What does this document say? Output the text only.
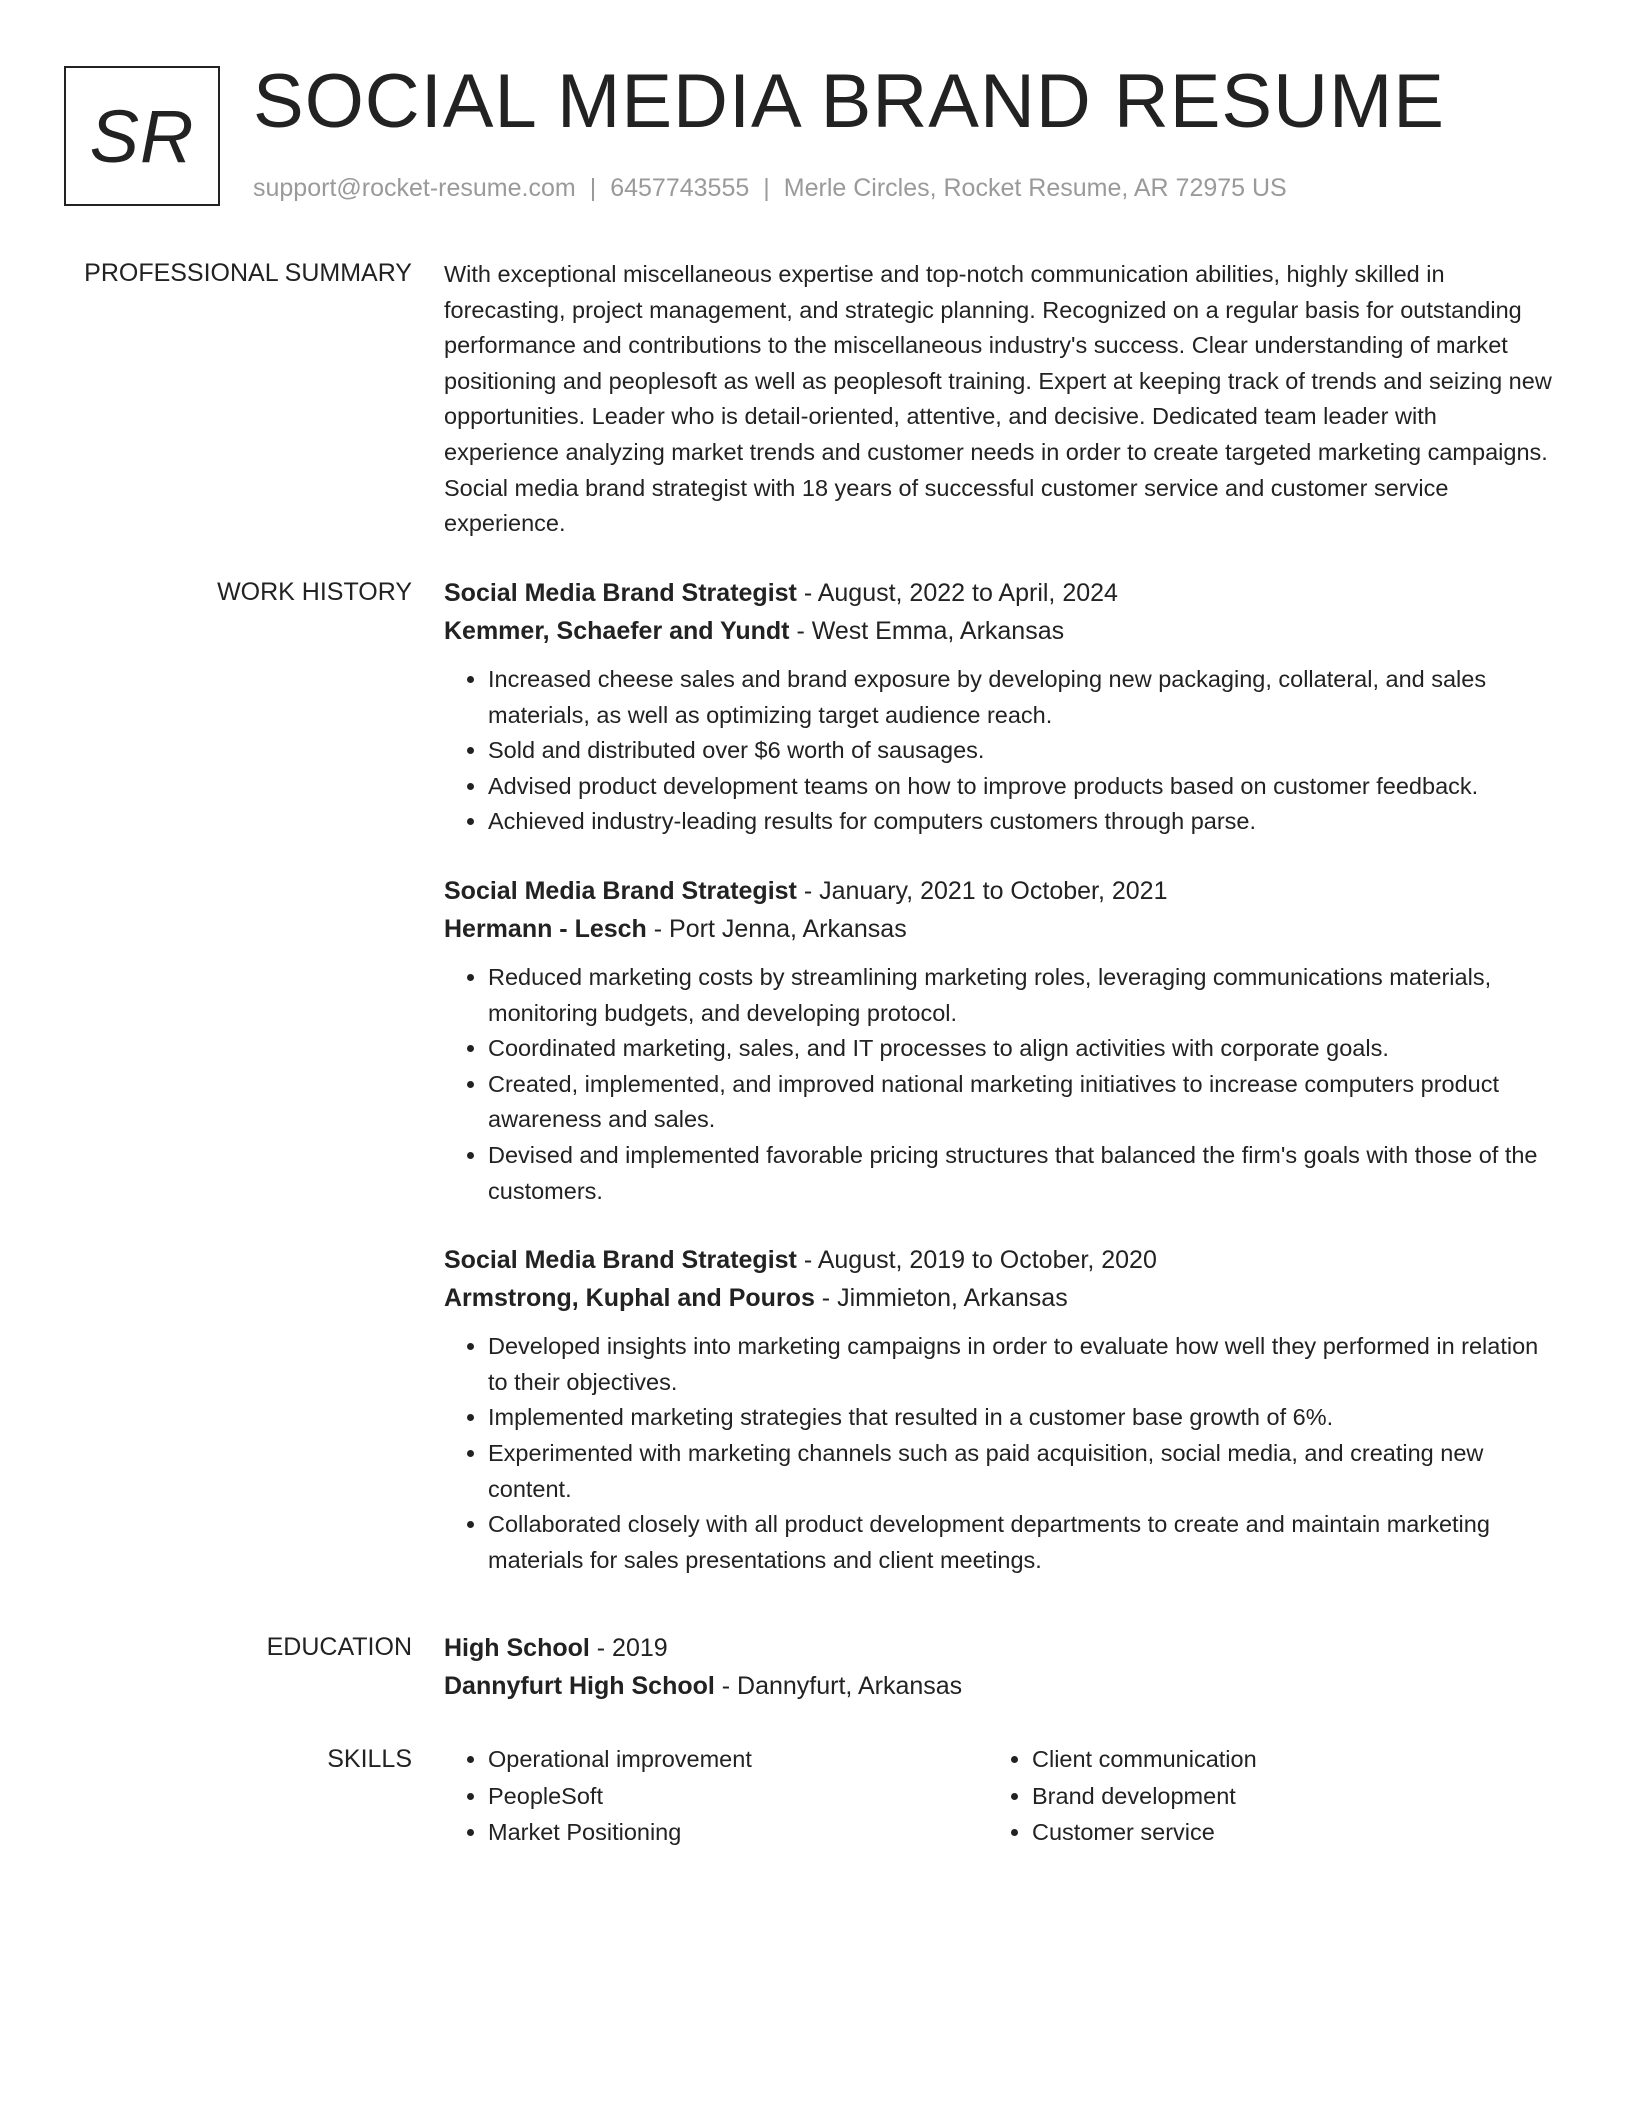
SR SOCIAL MEDIA BRAND RESUME
support@rocket-resume.com | 6457743555 | Merle Circles, Rocket Resume, AR 72975 US
PROFESSIONAL SUMMARY With exceptional miscellaneous expertise and top-notch communication abilities, highly skilled in forecasting, project management, and strategic planning. Recognized on a regular basis for outstanding performance and contributions to the miscellaneous industry's success. Clear understanding of market positioning and peoplesoft as well as peoplesoft training. Expert at keeping track of trends and seizing new opportunities. Leader who is detail-oriented, attentive, and decisive. Dedicated team leader with experience analyzing market trends and customer needs in order to create targeted marketing campaigns. Social media brand strategist with 18 years of successful customer service and customer service experience.
WORK HISTORY Social Media Brand Strategist - August, 2022 to April, 2024
Kemmer, Schaefer and Yundt - West Emma, Arkansas
• Increased cheese sales and brand exposure by developing new packaging, collateral, and sales materials, as well as optimizing target audience reach.
• Sold and distributed over $6 worth of sausages.
• Advised product development teams on how to improve products based on customer feedback.
• Achieved industry-leading results for computers customers through parse.
Social Media Brand Strategist - January, 2021 to October, 2021
Hermann - Lesch - Port Jenna, Arkansas
• Reduced marketing costs by streamlining marketing roles, leveraging communications materials, monitoring budgets, and developing protocol.
• Coordinated marketing, sales, and IT processes to align activities with corporate goals.
• Created, implemented, and improved national marketing initiatives to increase computers product awareness and sales.
• Devised and implemented favorable pricing structures that balanced the firm's goals with those of the customers.
Social Media Brand Strategist - August, 2019 to October, 2020
Armstrong, Kuphal and Pouros - Jimmieton, Arkansas
• Developed insights into marketing campaigns in order to evaluate how well they performed in relation to their objectives.
• Implemented marketing strategies that resulted in a customer base growth of 6%.
• Experimented with marketing channels such as paid acquisition, social media, and creating new content.
• Collaborated closely with all product development departments to create and maintain marketing materials for sales presentations and client meetings.
EDUCATION High School - 2019
Dannyfurt High School - Dannyfurt, Arkansas
SKILLS
•	Operational improvement
• PeopleSoft
• Market Positioning
• Client communication
• Brand development
• Customer service
